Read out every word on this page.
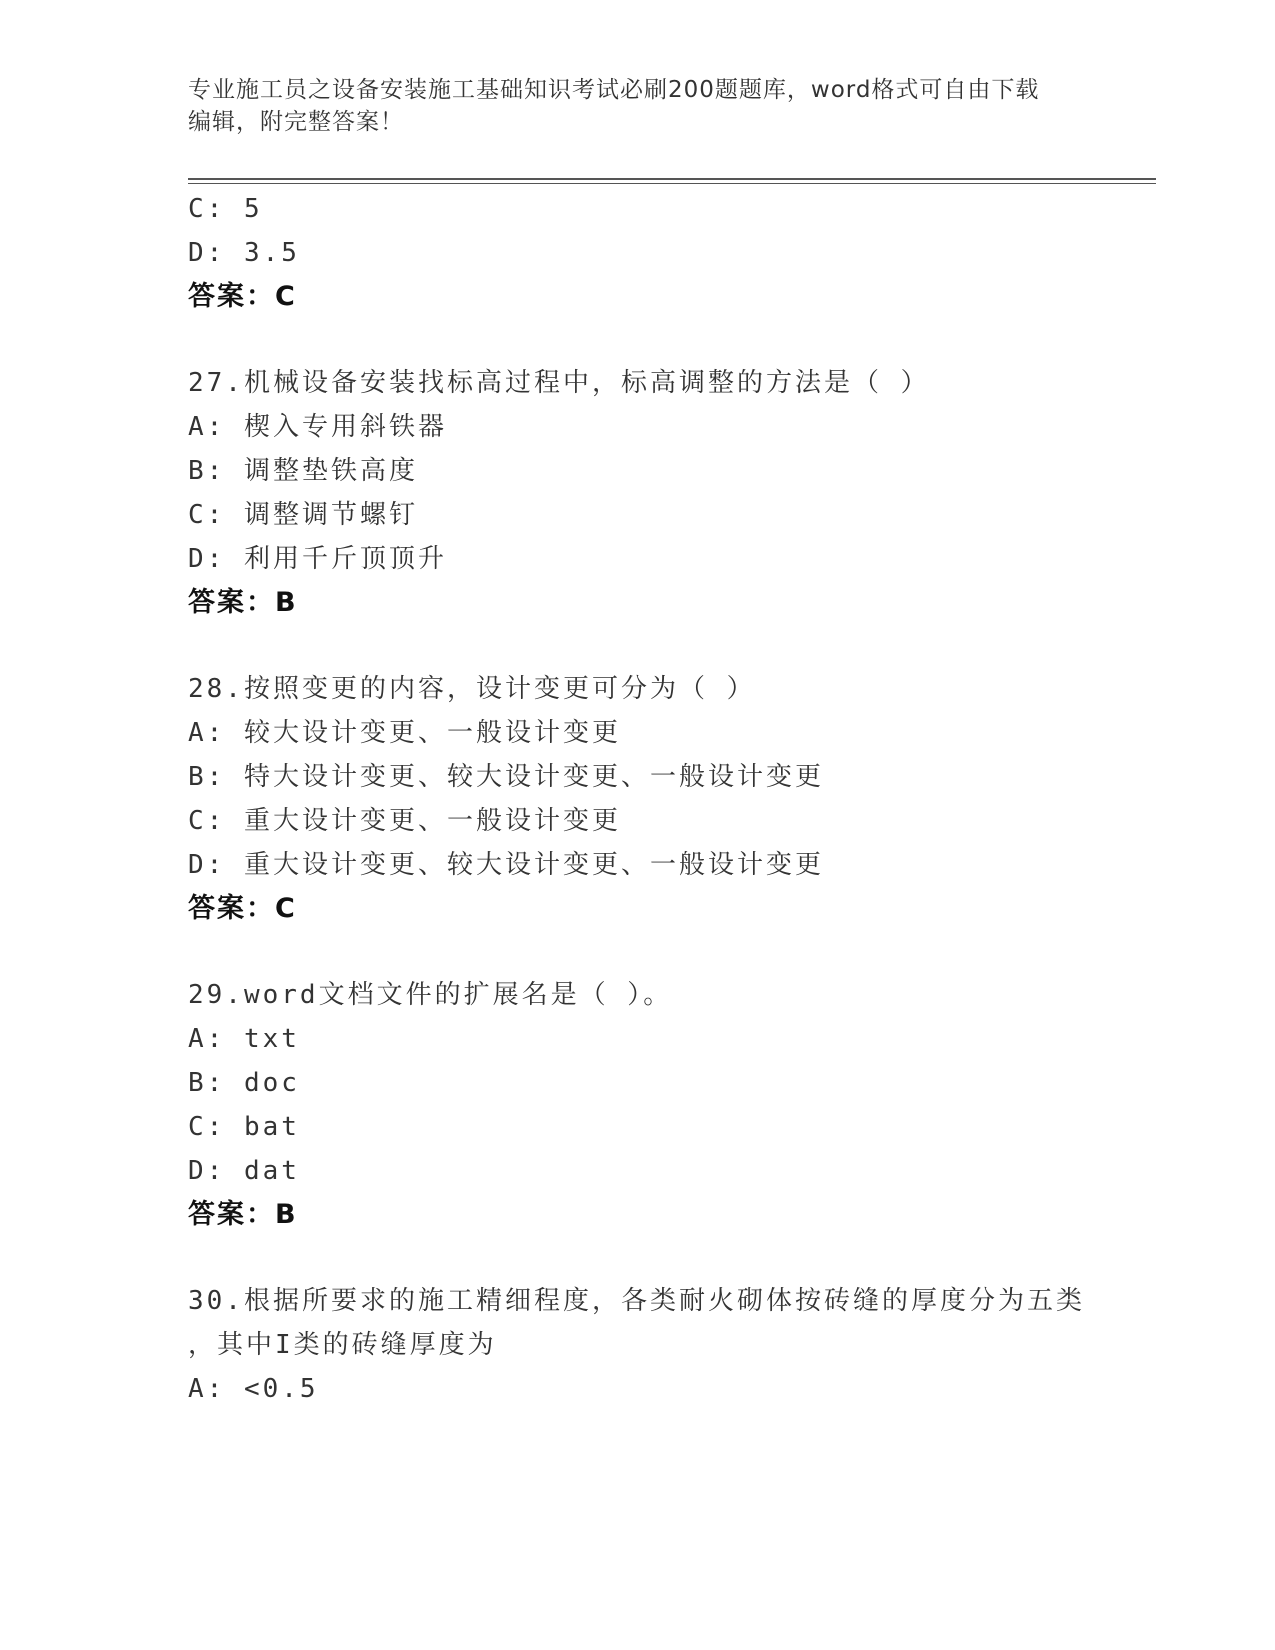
专业施工员之设备安装施工基础知识考试必刷200题题库，word格式可自由下载
编辑，附完整答案！
C: 5
D: 3.5
答案：C
27.机械设备安装找标高过程中，标高调整的方法是（ ）
A: 楔入专用斜铁器
B: 调整垫铁高度
C: 调整调节螺钉
D: 利用千斤顶顶升
答案：B
28.按照变更的内容，设计变更可分为（ ）
A: 较大设计变更、一般设计变更
B: 特大设计变更、较大设计变更、一般设计变更
C: 重大设计变更、一般设计变更
D: 重大设计变更、较大设计变更、一般设计变更
答案：C
29.word文档文件的扩展名是（ ）。
A: txt
B: doc
C: bat
D: dat
答案：B
30.根据所要求的施工精细程度，各类耐火砌体按砖缝的厚度分为五类
，其中I类的砖缝厚度为
A: <0.5
